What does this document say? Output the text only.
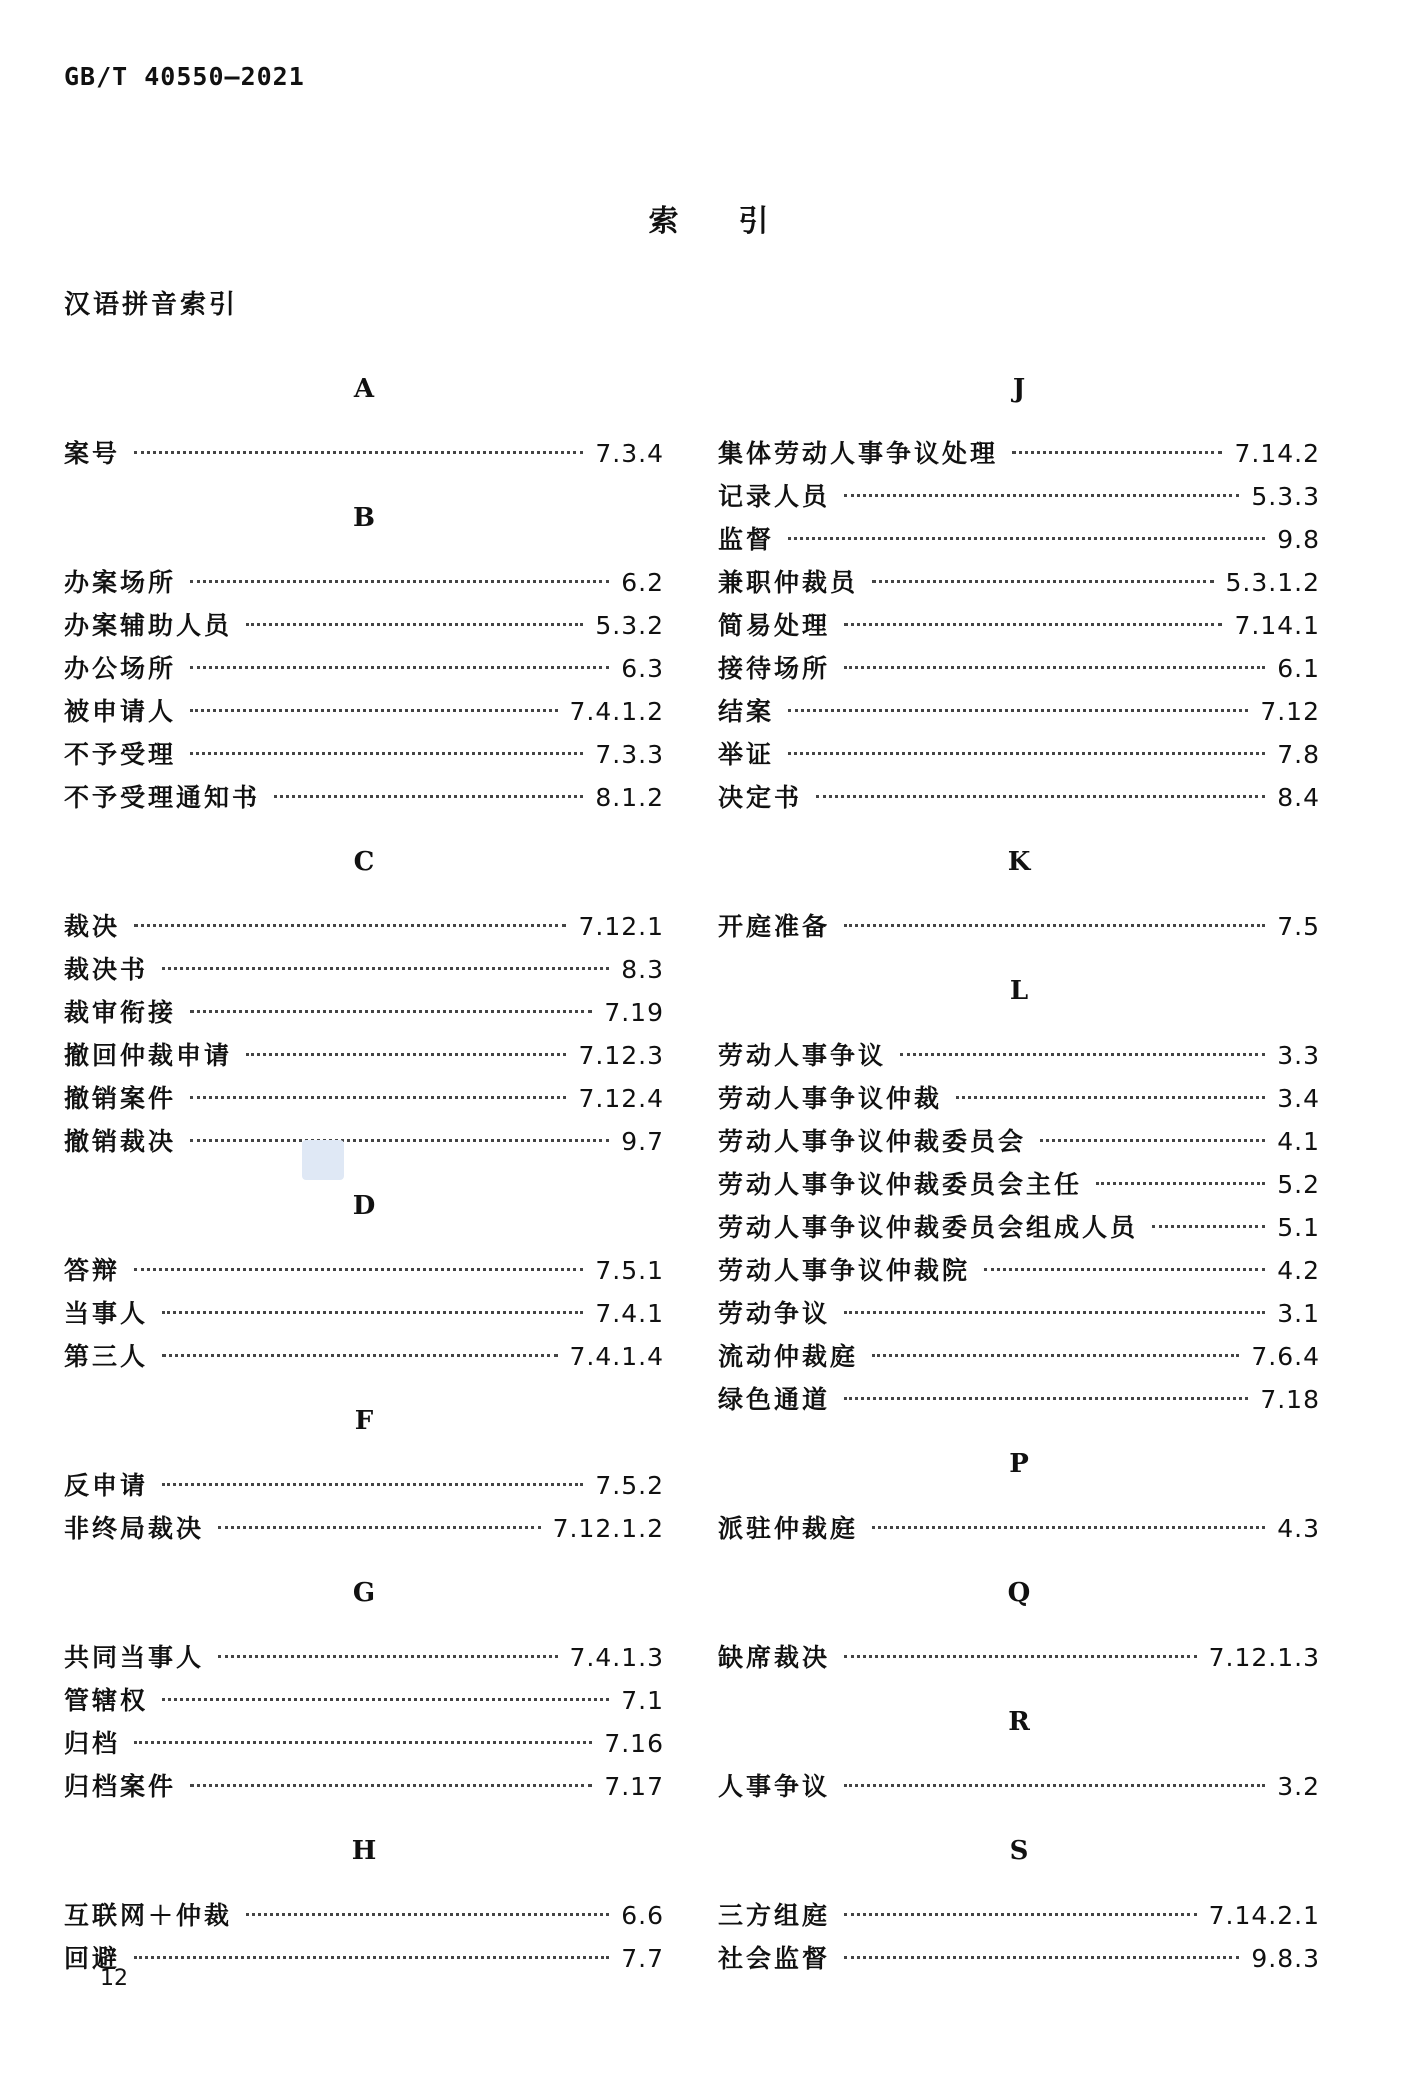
GB/T 40550—2021
索引
汉语拼音索引
A
案号	7.3.4
B
办案场所	6.2
办案辅助人员	5.3.2
办公场所	6.3
被申请人	7.4.1.2
不予受理	7.3.3
不予受理通知书	8.1.2
C
裁决	7.12.1
裁决书	8.3
裁审衔接	7.19
撤回仲裁申请	7.12.3
撤销案件	7.12.4
撤销裁决	9.7
D
答辩	7.5.1
当事人	7.4.1
第三人	7.4.1.4
F
反申请	7.5.2
非终局裁决	7.12.1.2
G
共同当事人	7.4.1.3
管辖权	7.1
归档	7.16
归档案件	7.17
H
互联网＋仲裁	6.6
回避	7.7
J
集体劳动人事争议处理	7.14.2
记录人员	5.3.3
监督	9.8
兼职仲裁员	5.3.1.2
简易处理	7.14.1
接待场所	6.1
结案	7.12
举证	7.8
决定书	8.4
K
开庭准备	7.5
L
劳动人事争议	3.3
劳动人事争议仲裁	3.4
劳动人事争议仲裁委员会	4.1
劳动人事争议仲裁委员会主任	5.2
劳动人事争议仲裁委员会组成人员	5.1
劳动人事争议仲裁院	4.2
劳动争议	3.1
流动仲裁庭	7.6.4
绿色通道	7.18
P
派驻仲裁庭	4.3
Q
缺席裁决	7.12.1.3
R
人事争议	3.2
S
三方组庭	7.14.2.1
社会监督	9.8.3
12
